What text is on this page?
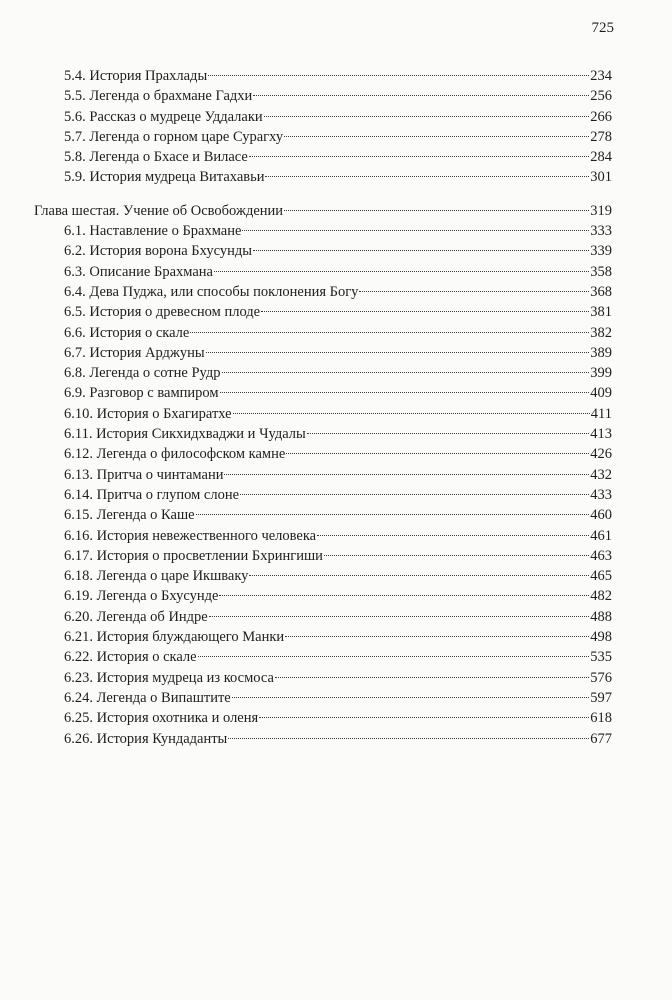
725
5.4. История Прахлады	234
5.5. Легенда о брахмане Гадхи	256
5.6. Рассказ о мудреце Уддалаки	266
5.7. Легенда о горном царе Сурагху	278
5.8. Легенда о Бхасе и Виласе	284
5.9. История мудреца Витахавьи	301
Глава шестая. Учение об Освобождении	319
6.1. Наставление о Брахмане	333
6.2. История ворона Бхусунды	339
6.3. Описание Брахмана	358
6.4. Дева Пуджа, или способы поклонения Богу	368
6.5. История о древесном плоде	381
6.6. История о скале	382
6.7. История Арджуны	389
6.8. Легенда о сотне Рудр	399
6.9. Разговор с вампиром	409
6.10. История о Бхагиратхе	411
6.11. История Сикхидхваджи и Чудалы	413
6.12. Легенда о философском камне	426
6.13. Притча о чинтамани	432
6.14. Притча о глупом слоне	433
6.15. Легенда о Каше	460
6.16. История невежественного человека	461
6.17. История о просветлении Бхрингиши	463
6.18. Легенда о царе Икшваку	465
6.19. Легенда о Бхусунде	482
6.20. Легенда об Индре	488
6.21. История блуждающего Манки	498
6.22. История о скале	535
6.23. История мудреца из космоса	576
6.24. Легенда о Випаштите	597
6.25. История охотника и оленя	618
6.26. История Кундаданты	677
